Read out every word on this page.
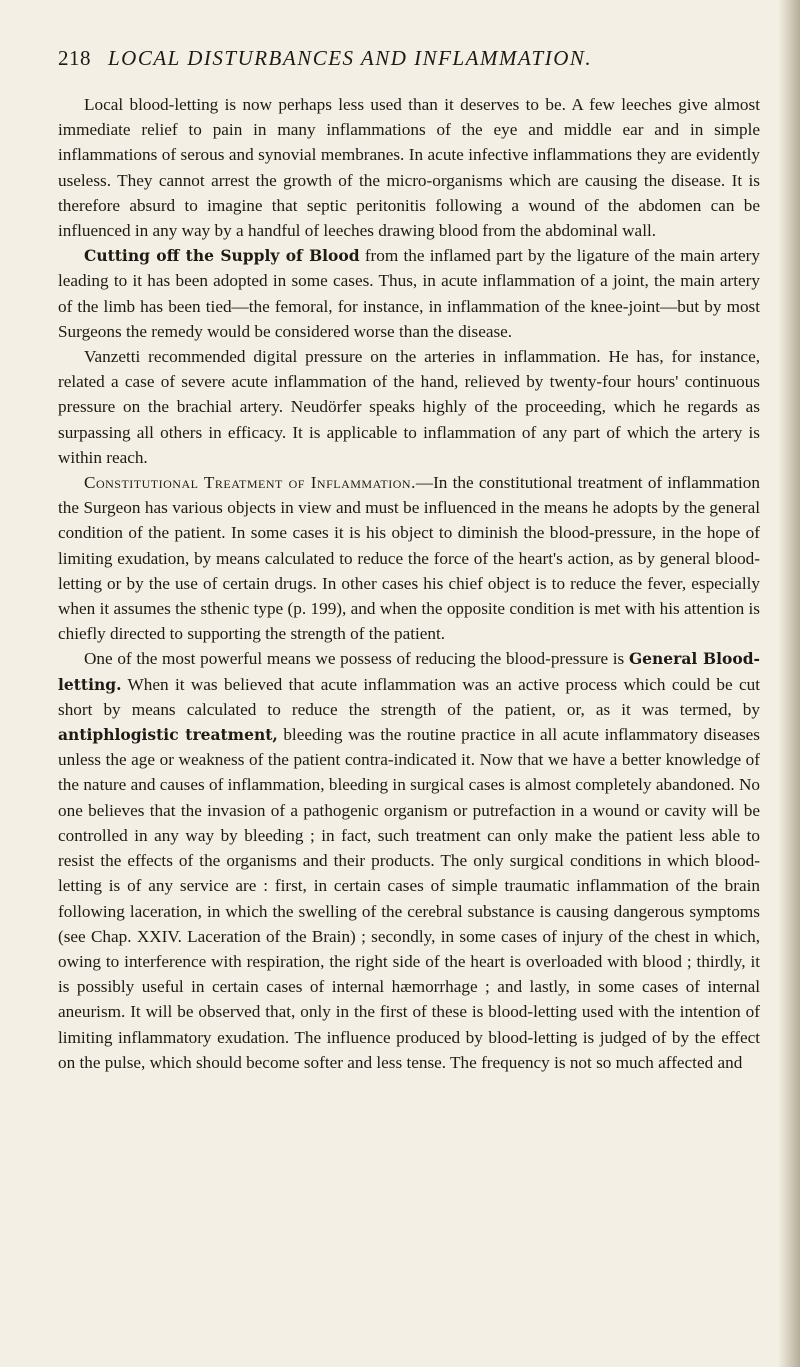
218 LOCAL DISTURBANCES AND INFLAMMATION.

Local blood-letting is now perhaps less used than it deserves to be. A few leeches give almost immediate relief to pain in many inflammations of the eye and middle ear and in simple inflammations of serous and synovial membranes. In acute infective inflammations they are evidently useless. They cannot arrest the growth of the micro-organisms which are causing the disease. It is therefore absurd to imagine that septic peritonitis following a wound of the abdomen can be influenced in any way by a handful of leeches drawing blood from the abdominal wall.

Cutting off the Supply of Blood from the inflamed part by the ligature of the main artery leading to it has been adopted in some cases. Thus, in acute inflammation of a joint, the main artery of the limb has been tied—the femoral, for instance, in inflammation of the knee-joint—but by most Surgeons the remedy would be considered worse than the disease.

Vanzetti recommended digital pressure on the arteries in inflammation. He has, for instance, related a case of severe acute inflammation of the hand, relieved by twenty-four hours' continuous pressure on the brachial artery. Neudörfer speaks highly of the proceeding, which he regards as surpassing all others in efficacy. It is applicable to inflammation of any part of which the artery is within reach.

Constitutional Treatment of Inflammation.—In the constitutional treatment of inflammation the Surgeon has various objects in view and must be influenced in the means he adopts by the general condition of the patient. In some cases it is his object to diminish the blood-pressure, in the hope of limiting exudation, by means calculated to reduce the force of the heart's action, as by general blood-letting or by the use of certain drugs. In other cases his chief object is to reduce the fever, especially when it assumes the sthenic type (p. 199), and when the opposite condition is met with his attention is chiefly directed to supporting the strength of the patient.

One of the most powerful means we possess of reducing the blood-pressure is General Blood-letting. When it was believed that acute inflammation was an active process which could be cut short by means calculated to reduce the strength of the patient, or, as it was termed, by antiphlogistic treatment, bleeding was the routine practice in all acute inflammatory diseases unless the age or weakness of the patient contra-indicated it. Now that we have a better knowledge of the nature and causes of inflammation, bleeding in surgical cases is almost completely abandoned. No one believes that the invasion of a pathogenic organism or putrefaction in a wound or cavity will be controlled in any way by bleeding ; in fact, such treatment can only make the patient less able to resist the effects of the organisms and their products. The only surgical conditions in which blood-letting is of any service are : first, in certain cases of simple traumatic inflammation of the brain following laceration, in which the swelling of the cerebral substance is causing dangerous symptoms (see Chap. XXIV. Laceration of the Brain) ; secondly, in some cases of injury of the chest in which, owing to interference with respiration, the right side of the heart is overloaded with blood ; thirdly, it is possibly useful in certain cases of internal hæmorrhage ; and lastly, in some cases of internal aneurism. It will be observed that, only in the first of these is blood-letting used with the intention of limiting inflammatory exudation. The influence produced by blood-letting is judged of by the effect on the pulse, which should become softer and less tense. The frequency is not so much affected and
